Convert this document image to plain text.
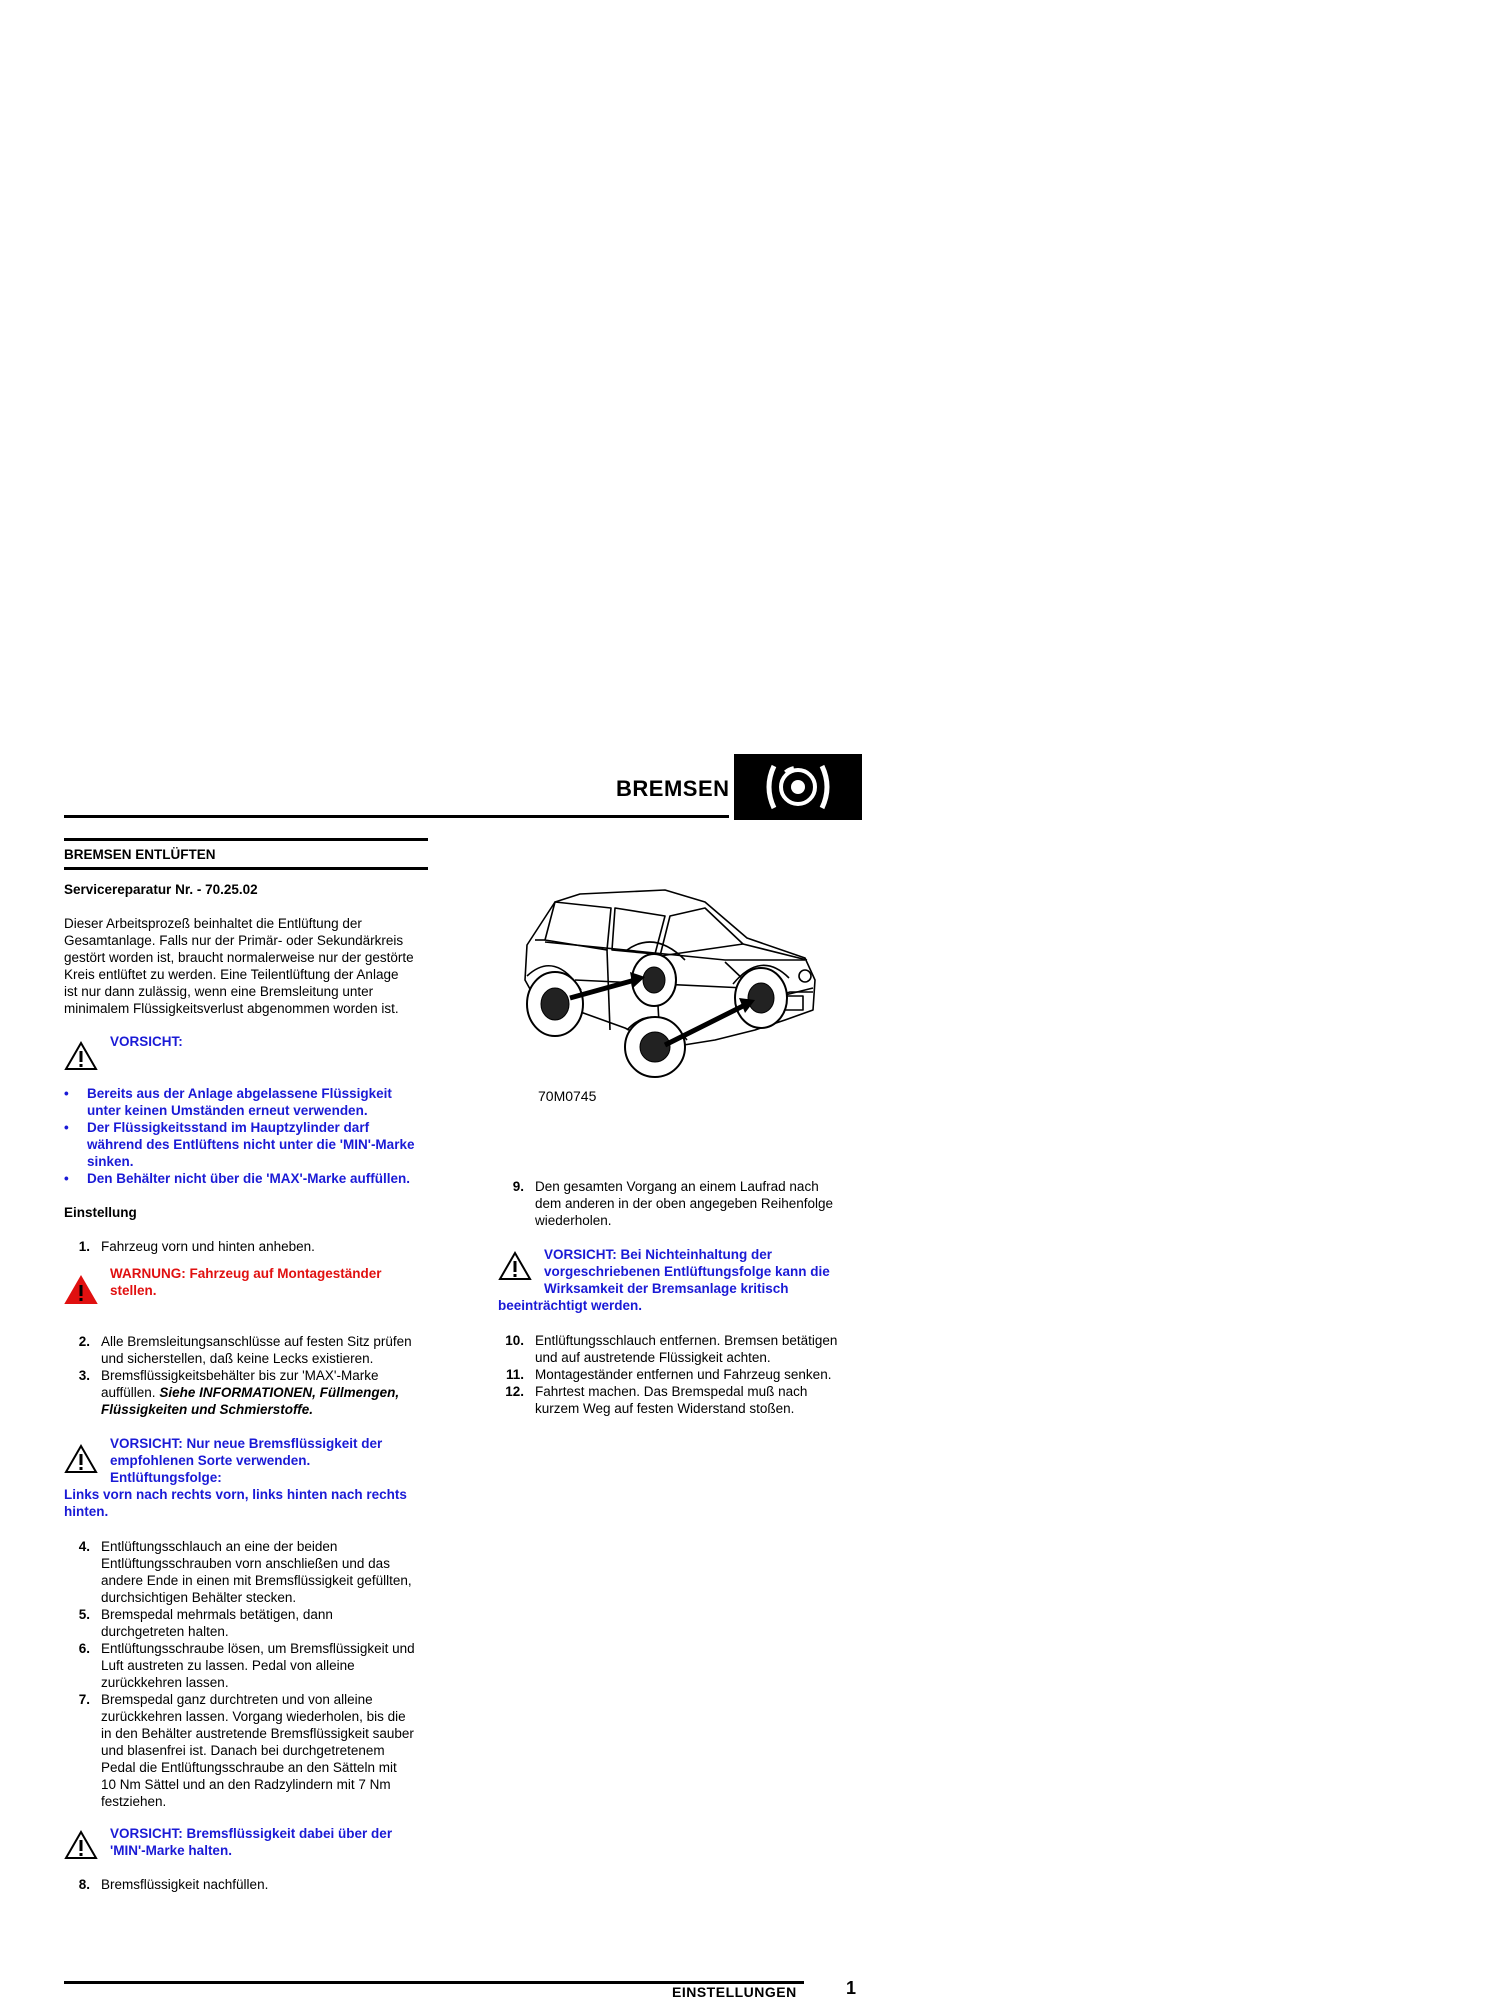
BREMSEN
BREMSEN ENTLÜFTEN
Servicereparatur Nr. - 70.25.02
Dieser Arbeitsprozeß beinhaltet die Entlüftung der
Gesamtanlage. Falls nur der Primär- oder Sekundärkreis
gestört worden ist, braucht normalerweise nur der gestörte
Kreis entlüftet zu werden. Eine Teilentlüftung der Anlage
ist nur dann zulässig, wenn eine Bremsleitung unter
minimalem Flüssigkeitsverlust abgenommen worden ist.
VORSICHT:
• Bereits aus der Anlage abgelassene Flüssigkeit
unter keinen Umständen erneut verwenden.
• Der Flüssigkeitsstand im Hauptzylinder darf
während des Entlüftens nicht unter die 'MIN'-Marke
sinken.
• Den Behälter nicht über die 'MAX'-Marke auffüllen.
Einstellung
1. Fahrzeug vorn und hinten anheben.
WARNUNG: Fahrzeug auf Montageständer
stellen.
2. Alle Bremsleitungsanschlüsse auf festen Sitz prüfen
und sicherstellen, daß keine Lecks existieren.
3. Bremsflüssigkeitsbehälter bis zur 'MAX'-Marke
auffüllen. Siehe INFORMATIONEN, Füllmengen,
Flüssigkeiten und Schmierstoffe.
VORSICHT: Nur neue Bremsflüssigkeit der
empfohlenen Sorte verwenden.
Entlüftungsfolge:
Links vorn nach rechts vorn, links hinten nach rechts
hinten.
4. Entlüftungsschlauch an eine der beiden
Entlüftungsschrauben vorn anschließen und das
andere Ende in einen mit Bremsflüssigkeit gefüllten,
durchsichtigen Behälter stecken.
5. Bremspedal mehrmals betätigen, dann
durchgetreten halten.
6. Entlüftungsschraube lösen, um Bremsflüssigkeit und
Luft austreten zu lassen. Pedal von alleine
zurückkehren lassen.
7. Bremspedal ganz durchtreten und von alleine
zurückkehren lassen. Vorgang wiederholen, bis die
in den Behälter austretende Bremsflüssigkeit sauber
und blasenfrei ist. Danach bei durchgetretenem
Pedal die Entlüftungsschraube an den Sätteln mit
10 Nm Sättel und an den Radzylindern mit 7 Nm
festziehen.
VORSICHT: Bremsflüssigkeit dabei über der
'MIN'-Marke halten.
8. Bremsflüssigkeit nachfüllen.
70M0745
9. Den gesamten Vorgang an einem Laufrad nach
dem anderen in der oben angegeben Reihenfolge
wiederholen.
VORSICHT: Bei Nichteinhaltung der
vorgeschriebenen Entlüftungsfolge kann die
Wirksamkeit der Bremsanlage kritisch
beeinträchtigt werden.
10. Entlüftungsschlauch entfernen. Bremsen betätigen
und auf austretende Flüssigkeit achten.
11. Montageständer entfernen und Fahrzeug senken.
12. Fahrtest machen. Das Bremspedal muß nach
kurzem Weg auf festen Widerstand stoßen.
EINSTELLUNGEN	1
